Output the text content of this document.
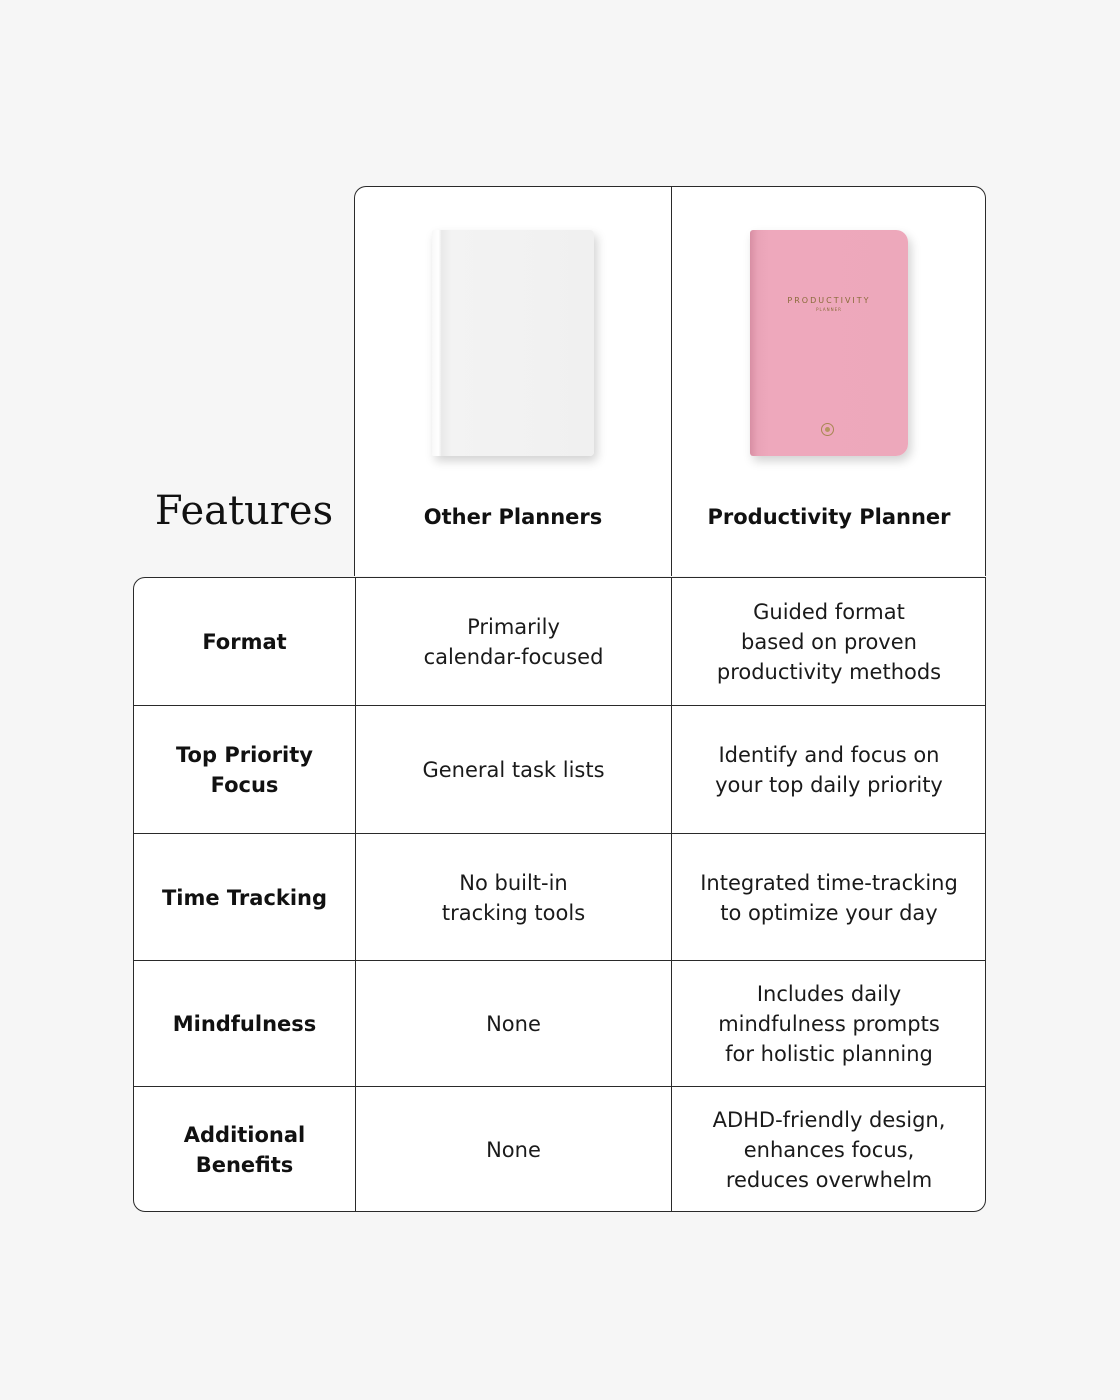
Features
PRODUCTIVITY
PLANNER
Other Planners	Productivity Planner
Format
Primarily
calendar-focused
Guided format
based on proven
productivity methods
Top Priority Focus
General task lists
Identify and focus on
your top daily priority
Time Tracking
No built-in
tracking tools
Integrated time-tracking
to optimize your day
Mindfulness	None
Includes daily
mindfulness prompts
for holistic planning
Additional
Benefits
None
ADHD-friendly design,
enhances focus,
reduces overwhelm
